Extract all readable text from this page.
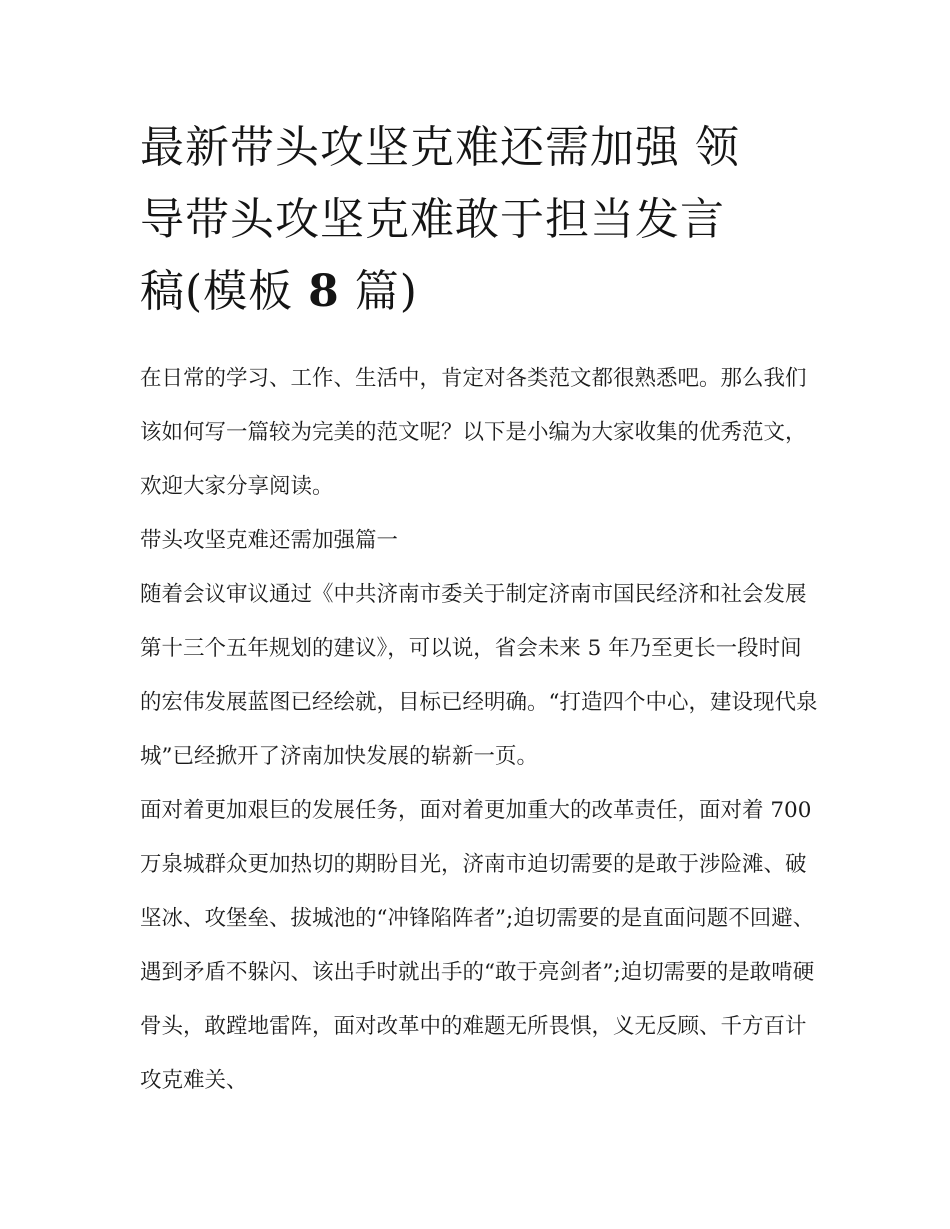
最新带头攻坚克难还需加强 领
导带头攻坚克难敢于担当发言
稿(模板 8 篇)

在日常的学习、工作、生活中，肯定对各类范文都很熟悉吧。那么我们该如何写一篇较为完美的范文呢？以下是小编为大家收集的优秀范文，欢迎大家分享阅读。

带头攻坚克难还需加强篇一

随着会议审议通过《中共济南市委关于制定济南市国民经济和社会发展第十三个五年规划的建议》，可以说，省会未来 5 年乃至更长一段时间的宏伟发展蓝图已经绘就，目标已经明确。“打造四个中心，建设现代泉城”已经掀开了济南加快发展的崭新一页。

面对着更加艰巨的发展任务，面对着更加重大的改革责任，面对着 700 万泉城群众更加热切的期盼目光，济南市迫切需要的是敢于涉险滩、破坚冰、攻堡垒、拔城池的“冲锋陷阵者”;迫切需要的是直面问题不回避、遇到矛盾不躲闪、该出手时就出手的“敢于亮剑者”;迫切需要的是敢啃硬骨头，敢蹚地雷阵，面对改革中的难题无所畏惧，义无反顾、千方百计攻克难关、
